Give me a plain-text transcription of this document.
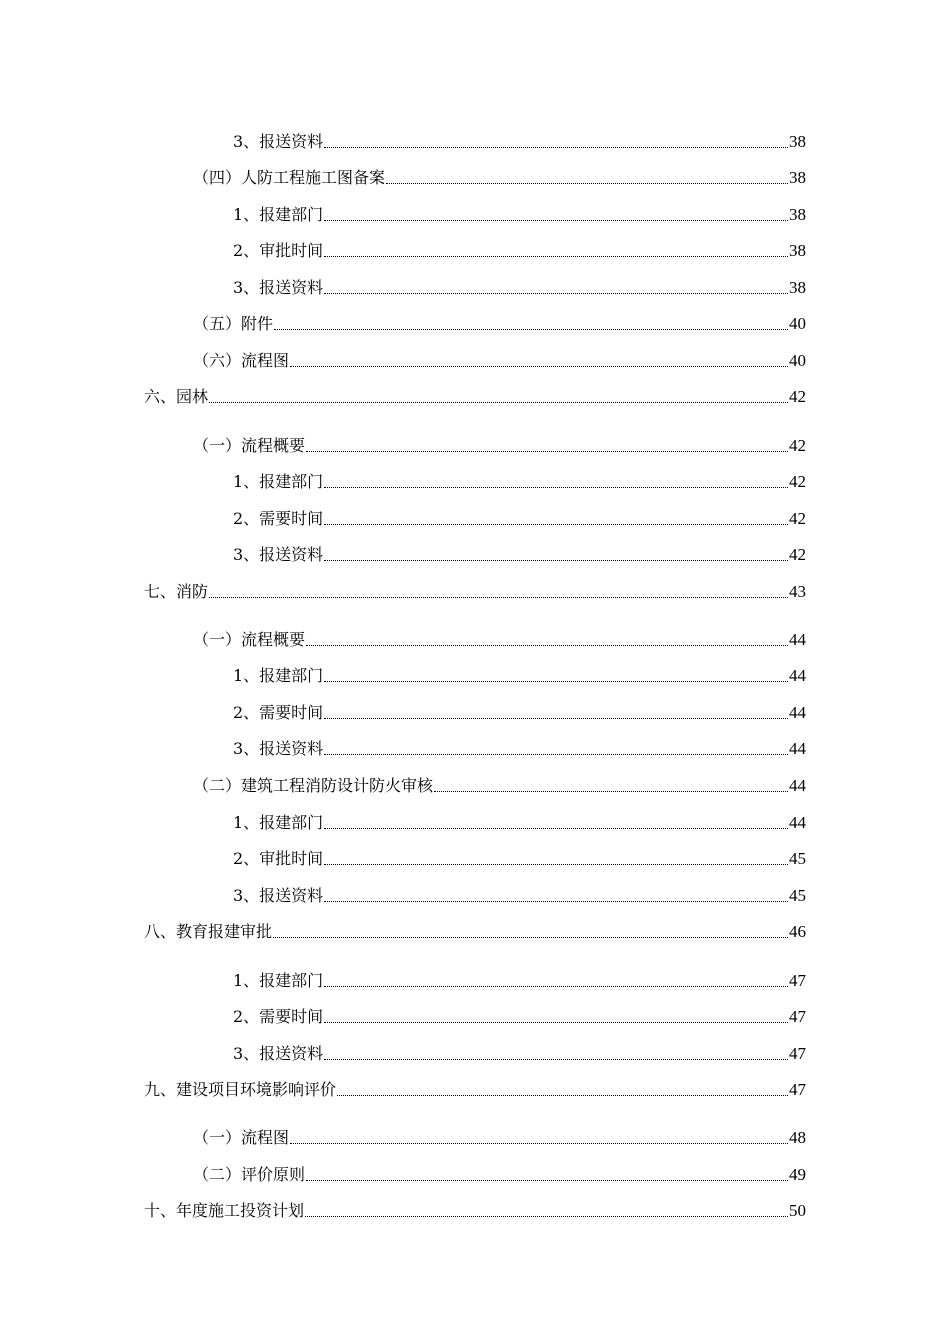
3、报送资料	38
（四）人防工程施工图备案	38
1、报建部门	38
2、审批时间	38
3、报送资料	38
（五）附件	40
（六）流程图	40
六、园林	42
（一）流程概要	42
1、报建部门	42
2、需要时间	42
3、报送资料	42
七、消防	43
（一）流程概要	44
1、报建部门	44
2、需要时间	44
3、报送资料	44
（二）建筑工程消防设计防火审核	44
1、报建部门	44
2、审批时间	45
3、报送资料	45
八、教育报建审批	46
1、报建部门	47
2、需要时间	47
3、报送资料	47
九、建设项目环境影响评价	47
（一）流程图	48
（二）评价原则	49
十、年度施工投资计划	50
